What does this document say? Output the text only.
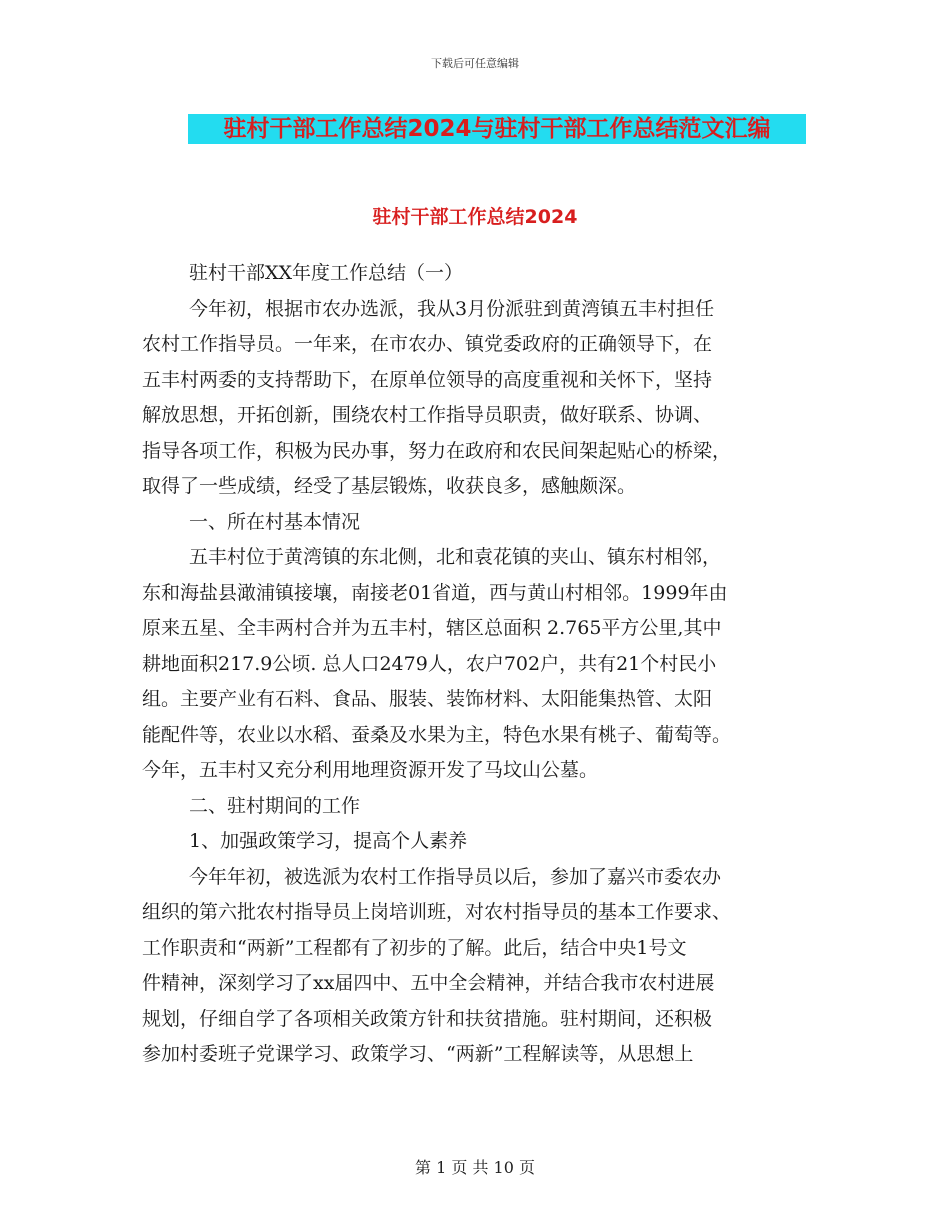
下载后可任意编辑
驻村干部工作总结2024与驻村干部工作总结范文汇编
驻村干部工作总结2024
驻村干部XX年度工作总结（一）
今年初，根据市农办选派，我从3月份派驻到黄湾镇五丰村担任
农村工作指导员。一年来，在市农办、镇党委政府的正确领导下，在
五丰村两委的支持帮助下，在原单位领导的高度重视和关怀下，坚持
解放思想，开拓创新，围绕农村工作指导员职责，做好联系、协调、
指导各项工作，积极为民办事，努力在政府和农民间架起贴心的桥梁，
取得了一些成绩，经受了基层锻炼，收获良多，感触颇深。
一、所在村基本情况
五丰村位于黄湾镇的东北侧，北和袁花镇的夹山、镇东村相邻，
东和海盐县澉浦镇接壤，南接老01省道，西与黄山村相邻。1999年由
原来五星、全丰两村合并为五丰村，辖区总面积 2.765平方公里,其中
耕地面积217.9公顷. 总人口2479人，农户702户，共有21个村民小
组。主要产业有石料、食品、服装、装饰材料、太阳能集热管、太阳
能配件等，农业以水稻、蚕桑及水果为主，特色水果有桃子、葡萄等。
今年，五丰村又充分利用地理资源开发了马坟山公墓。
二、驻村期间的工作
1、加强政策学习，提高个人素养
今年年初，被选派为农村工作指导员以后，参加了嘉兴市委农办
组织的第六批农村指导员上岗培训班，对农村指导员的基本工作要求、
工作职责和“两新”工程都有了初步的了解。此后，结合中央1号文
件精神，深刻学习了xx届四中、五中全会精神，并结合我市农村进展
规划，仔细自学了各项相关政策方针和扶贫措施。驻村期间，还积极
参加村委班子党课学习、政策学习、“两新”工程解读等，从思想上
第 1 页 共 10 页
